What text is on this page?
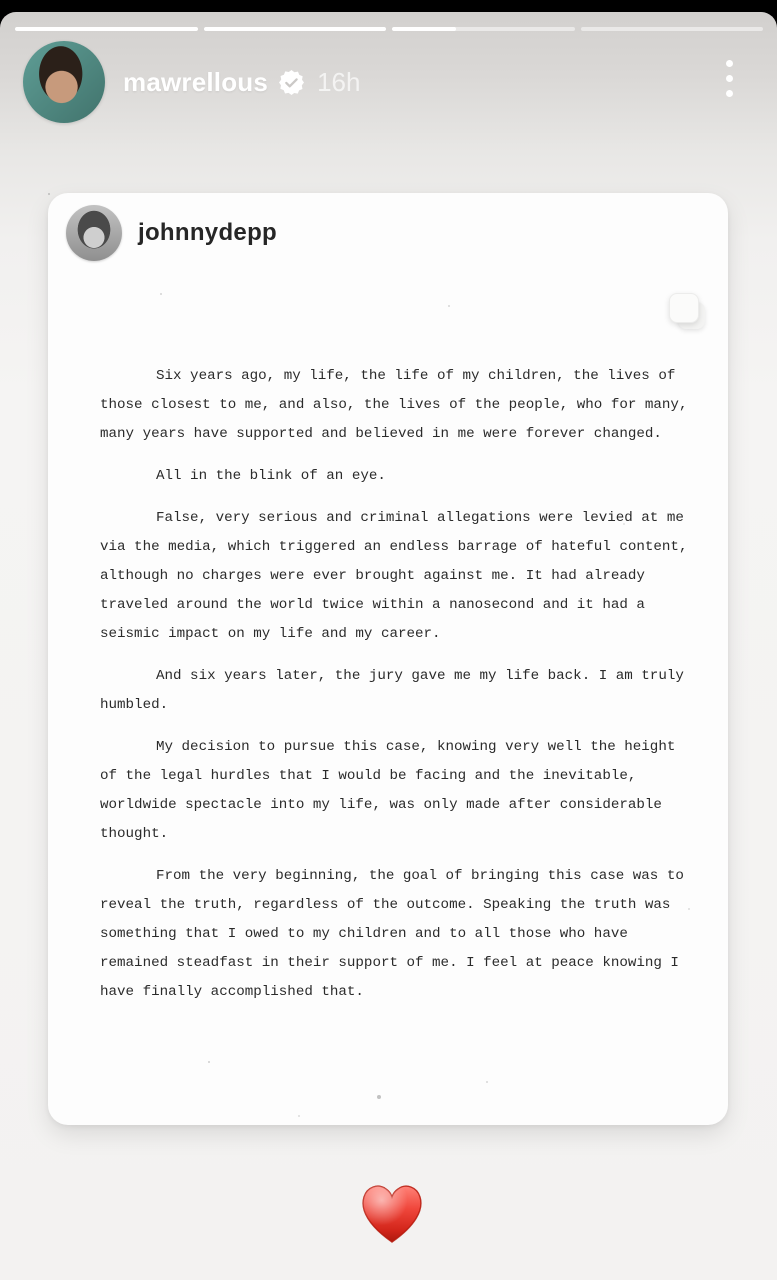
mawrellous 16h
johnnydepp

Six years ago, my life, the life of my children, the lives of those closest to me, and also, the lives of the people, who for many, many years have supported and believed in me were forever changed.

All in the blink of an eye.

False, very serious and criminal allegations were levied at me via the media, which triggered an endless barrage of hateful content, although no charges were ever brought against me. It had already traveled around the world twice within a nanosecond and it had a seismic impact on my life and my career.

And six years later, the jury gave me my life back. I am truly humbled.

My decision to pursue this case, knowing very well the height of the legal hurdles that I would be facing and the inevitable, worldwide spectacle into my life, was only made after considerable thought.

From the very beginning, the goal of bringing this case was to reveal the truth, regardless of the outcome. Speaking the truth was something that I owed to my children and to all those who have remained steadfast in their support of me. I feel at peace knowing I have finally accomplished that.
